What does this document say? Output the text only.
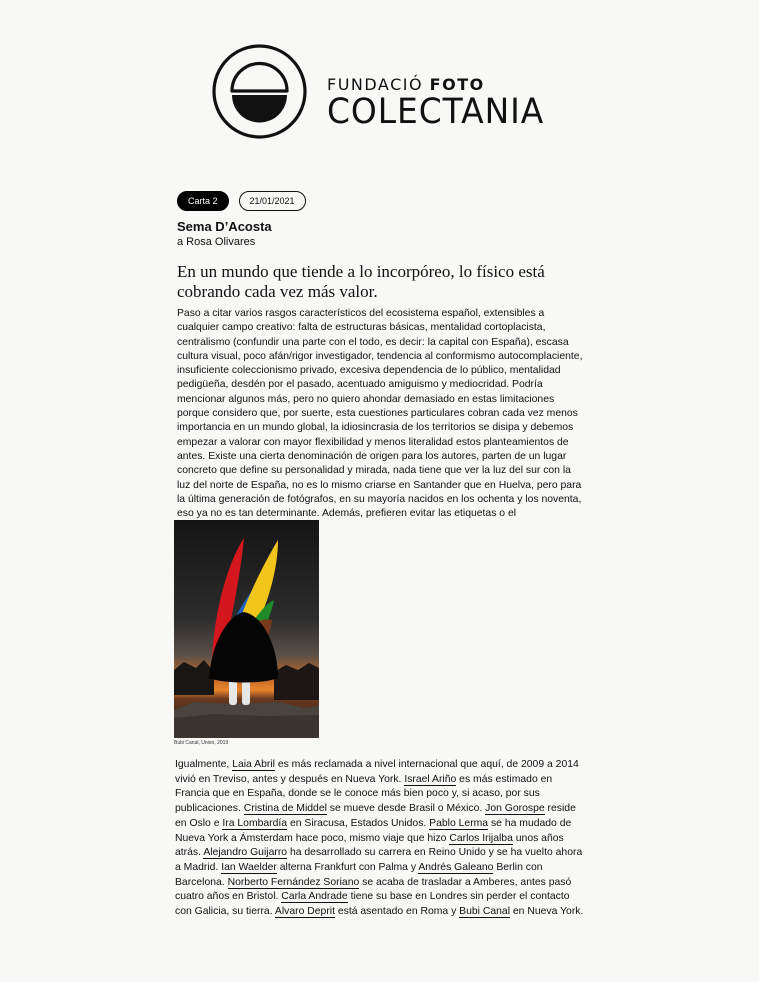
FUNDACIÓ FOTO
COLECTANIA
Carta 2	21/01/2021
Sema D’Acosta
a Rosa Olivares
En un mundo que tiende a lo incorpóreo, lo físico está cobrando cada vez más valor.
Paso a citar varios rasgos característicos del ecosistema español, extensibles a cualquier campo creativo: falta de estructuras básicas, mentalidad cortoplacista, centralismo (confundir una parte con el todo, es decir: la capital con España), escasa cultura visual, poco afán/rigor investigador, tendencia al conformismo autocomplaciente, insuficiente coleccionismo privado, excesiva dependencia de lo público, mentalidad pedigüeña, desdén por el pasado, acentuado amiguismo y mediocridad. Podría mencionar algunos más, pero no quiero ahondar demasiado en estas limitaciones porque considero que, por suerte, esta cuestiones particulares cobran cada vez menos importancia en un mundo global, la idiosincrasia de los territorios se disipa y debemos empezar a valorar con mayor flexibilidad y menos literalidad estos planteamientos de antes. Existe una cierta denominación de origen para los autores, parten de un lugar concreto que define su personalidad y mirada, nada tiene que ver la luz del sur con la luz del norte de España, no es lo mismo criarse en Santander que en Huelva, pero para la última generación de fotógrafos, en su mayoría nacidos en los ochenta y los noventa, eso ya no es tan determinante. Además, prefieren evitar las etiquetas o el
Bubi Canal, Union, 2019
Igualmente, Laia Abril es más reclamada a nivel internacional que aquí, de 2009 a 2014 vivió en Treviso, antes y después en Nueva York. Israel Ariño es más estimado en Francia que en España, donde se le conoce más bien poco y, si acaso, por sus publicaciones. Cristina de Middel se mueve desde Brasil o México. Jon Gorospe reside en Oslo e Ira Lombardía en Siracusa, Estados Unidos. Pablo Lerma se ha mudado de Nueva York a Ámsterdam hace poco, mismo viaje que hizo Carlos Irijalba unos años atrás. Alejandro Guijarro ha desarrollado su carrera en Reino Unido y se ha vuelto ahora a Madrid. Ian Waelder alterna Frankfurt con Palma y Andrés Galeano Berlin con Barcelona. Norberto Fernández Soriano se acaba de trasladar a Amberes, antes pasó cuatro años en Bristol. Carla Andrade tiene su base en Londres sin perder el contacto con Galicia, su tierra. Alvaro Deprit está asentado en Roma y Bubi Canal en Nueva York.
